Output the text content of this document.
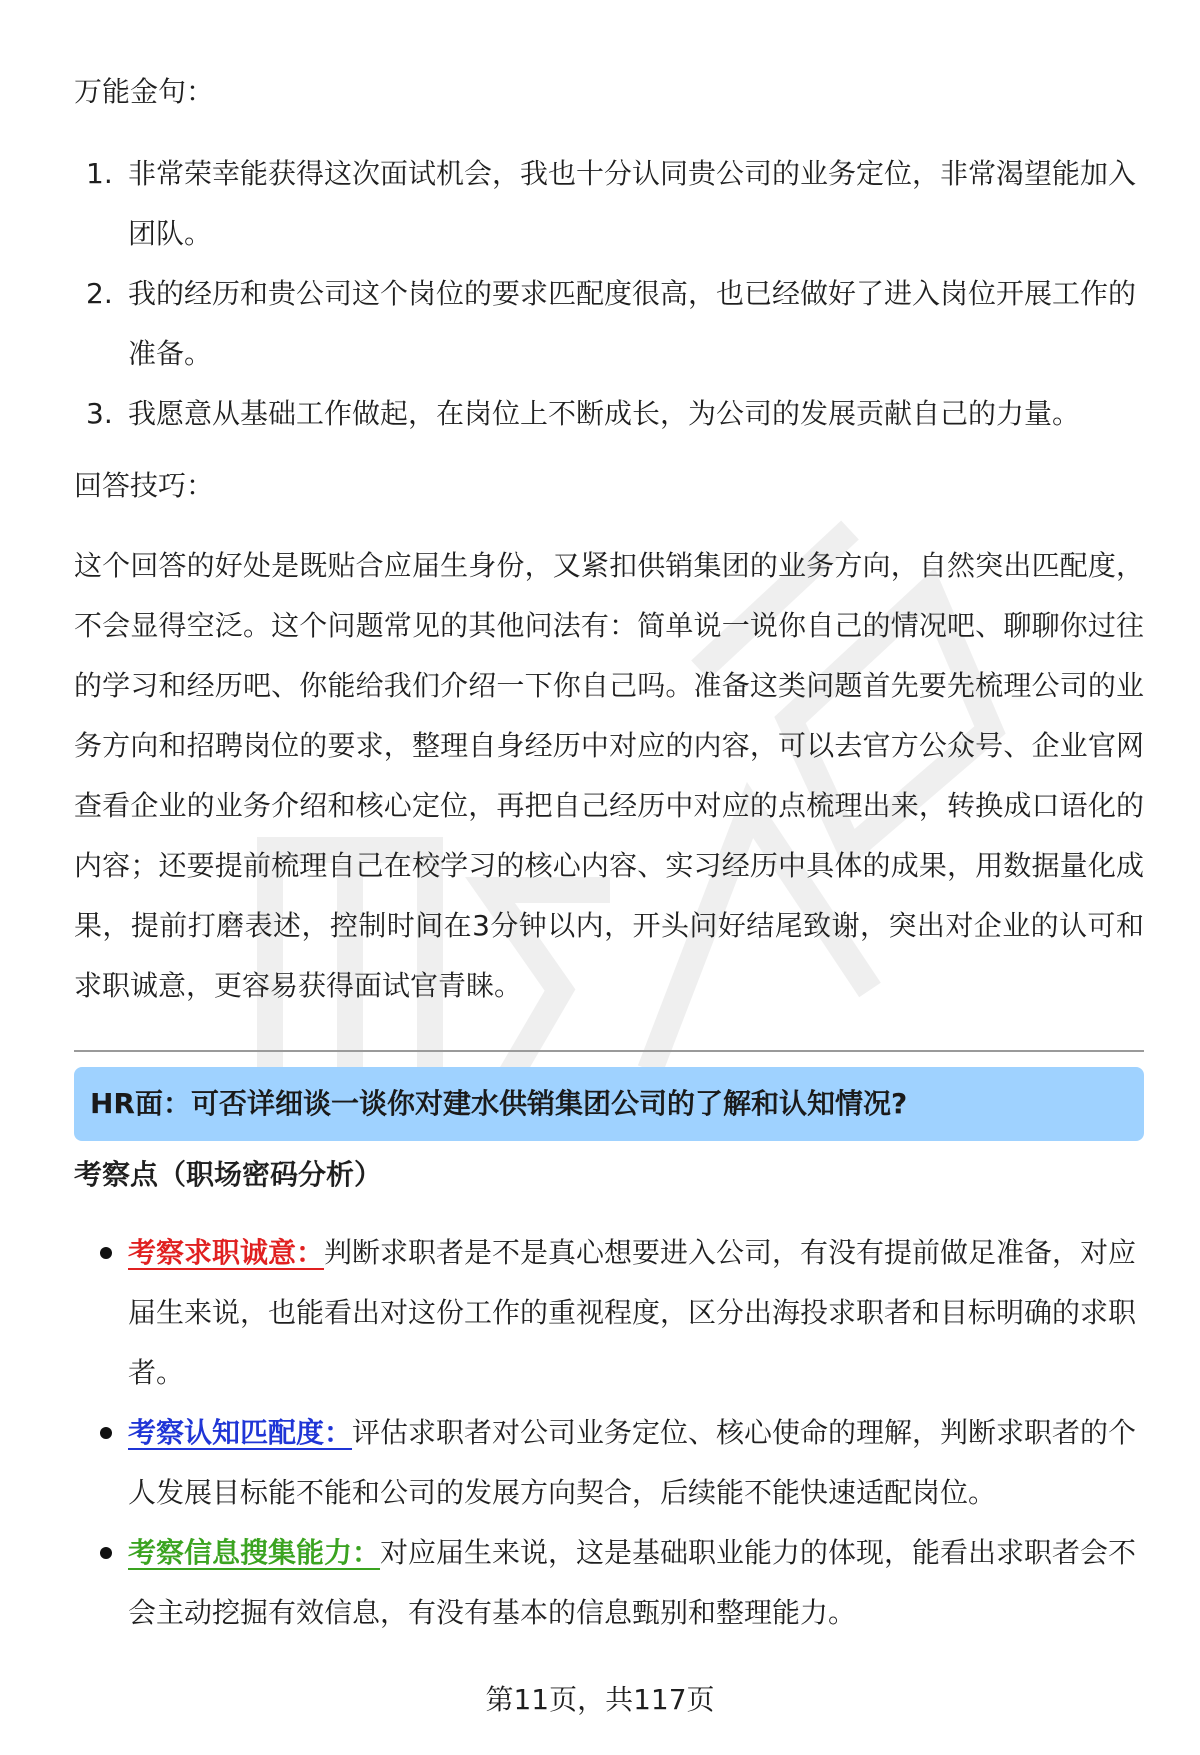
万能金句：

1. 非常荣幸能获得这次面试机会，我也十分认同贵公司的业务定位，非常渴望能加入团队。
2. 我的经历和贵公司这个岗位的要求匹配度很高，也已经做好了进入岗位开展工作的准备。
3. 我愿意从基础工作做起，在岗位上不断成长，为公司的发展贡献自己的力量。

回答技巧：

这个回答的好处是既贴合应届生身份，又紧扣供销集团的业务方向，自然突出匹配度，不会显得空泛。这个问题常见的其他问法有：简单说一说你自己的情况吧、聊聊你过往的学习和经历吧、你能给我们介绍一下你自己吗。准备这类问题首先要先梳理公司的业务方向和招聘岗位的要求，整理自身经历中对应的内容，可以去官方公众号、企业官网查看企业的业务介绍和核心定位，再把自己经历中对应的点梳理出来，转换成口语化的内容；还要提前梳理自己在校学习的核心内容、实习经历中具体的成果，用数据量化成果，提前打磨表述，控制时间在3分钟以内，开头问好结尾致谢，突出对企业的认可和求职诚意，更容易获得面试官青睐。

HR面：可否详细谈一谈你对建水供销集团公司的了解和认知情况?

考察点（职场密码分析）

考察求职诚意：判断求职者是不是真心想要进入公司，有没有提前做足准备，对应届生来说，也能看出对这份工作的重视程度，区分出海投求职者和目标明确的求职者。
考察认知匹配度：评估求职者对公司业务定位、核心使命的理解，判断求职者的个人发展目标能不能和公司的发展方向契合，后续能不能快速适配岗位。
考察信息搜集能力：对应届生来说，这是基础职业能力的体现，能看出求职者会不会主动挖掘有效信息，有没有基本的信息甄别和整理能力。
第11页，共117页
